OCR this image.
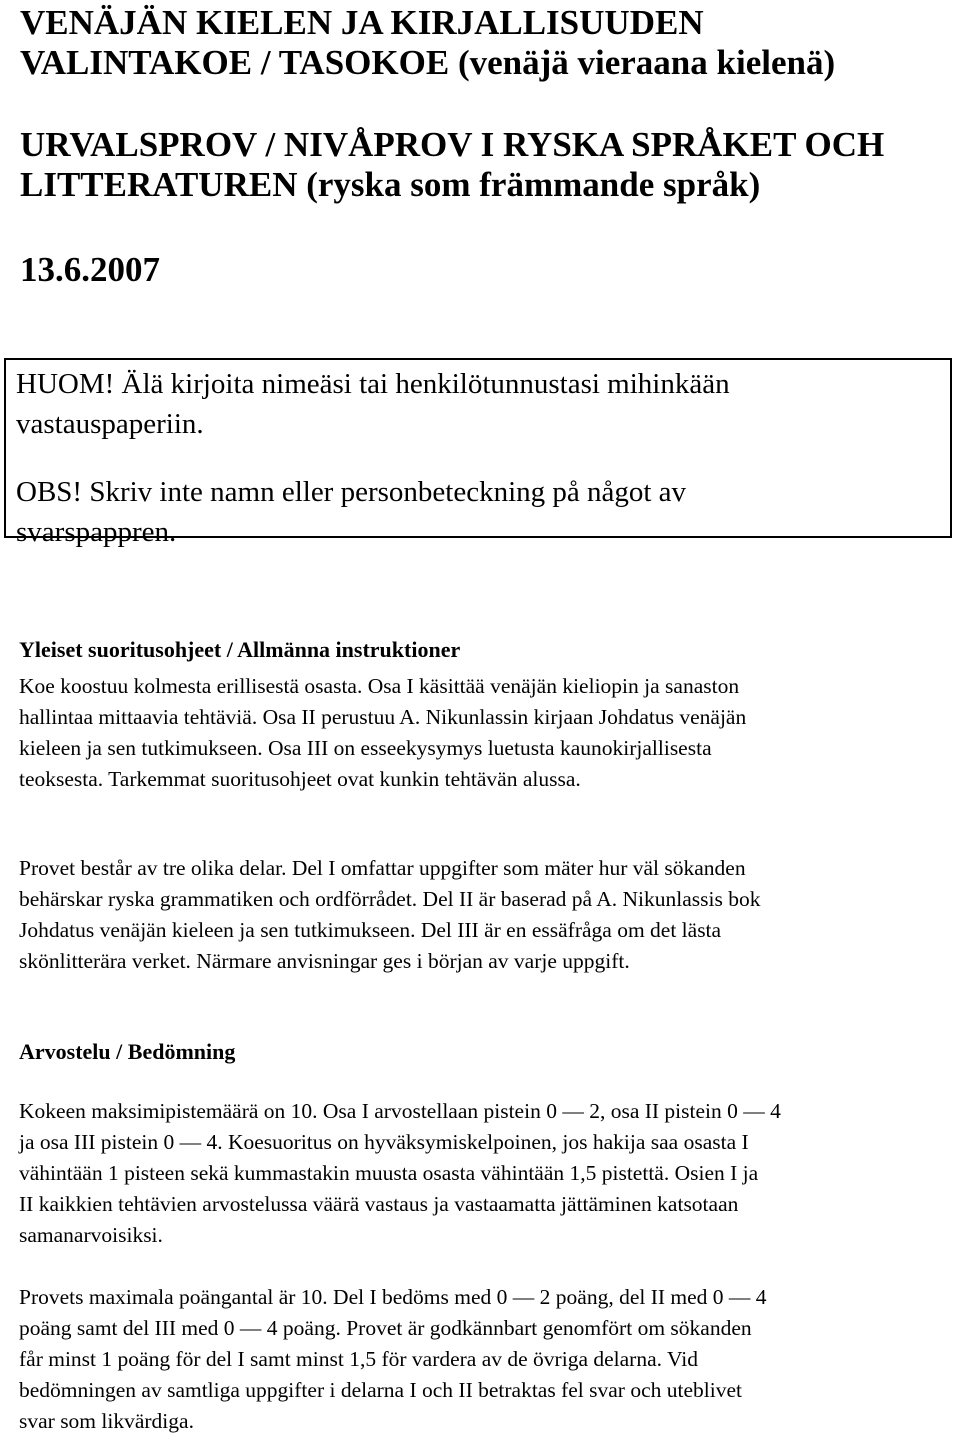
VENÄJÄN KIELEN JA KIRJALLISUUDEN
VALINTAKOE / TASOKOE (venäjä vieraana kielenä)
URVALSPROV / NIVÅPROV I RYSKA SPRÅKET OCH
LITTERATUREN (ryska som främmande språk)
13.6.2007

HUOM! Älä kirjoita nimeäsi tai henkilötunnustasi mihinkään
vastauspaperiin.

OBS! Skriv inte namn eller personbeteckning på något av
svarspappren.

Yleiset suoritusohjeet / Allmänna instruktioner

Koe koostuu kolmesta erillisestä osasta. Osa I käsittää venäjän kieliopin ja sanaston
hallintaa mittaavia tehtäviä. Osa II perustuu A. Nikunlassin kirjaan Johdatus venäjän
kieleen ja sen tutkimukseen. Osa III on esseekysymys luetusta kaunokirjallisesta
teoksesta. Tarkemmat suoritusohjeet ovat kunkin tehtävän alussa.

Provet består av tre olika delar. Del I omfattar uppgifter som mäter hur väl sökanden
behärskar ryska grammatiken och ordförrådet. Del II är baserad på A. Nikunlassis bok
Johdatus venäjän kieleen ja sen tutkimukseen. Del III är en essäfråga om det lästa
skönlitterära verket. Närmare anvisningar ges i början av varje uppgift.

Arvostelu / Bedömning

Kokeen maksimipistemäärä on 10. Osa I arvostellaan pistein 0 — 2, osa II pistein 0 — 4
ja osa III pistein 0 — 4. Koesuoritus on hyväksymiskelpoinen, jos hakija saa osasta I
vähintään 1 pisteen sekä kummastakin muusta osasta vähintään 1,5 pistettä. Osien I ja
II kaikkien tehtävien arvostelussa väärä vastaus ja vastaamatta jättäminen katsotaan
samanarvoisiksi.

Provets maximala poängantal är 10. Del I bedöms med 0 — 2 poäng, del II med 0 — 4
poäng samt del III med 0 — 4 poäng. Provet är godkännbart genomfört om sökanden
får minst 1 poäng för del I samt minst 1,5 för vardera av de övriga delarna. Vid
bedömningen av samtliga uppgifter i delarna I och II betraktas fel svar och uteblivet
svar som likvärdiga.
